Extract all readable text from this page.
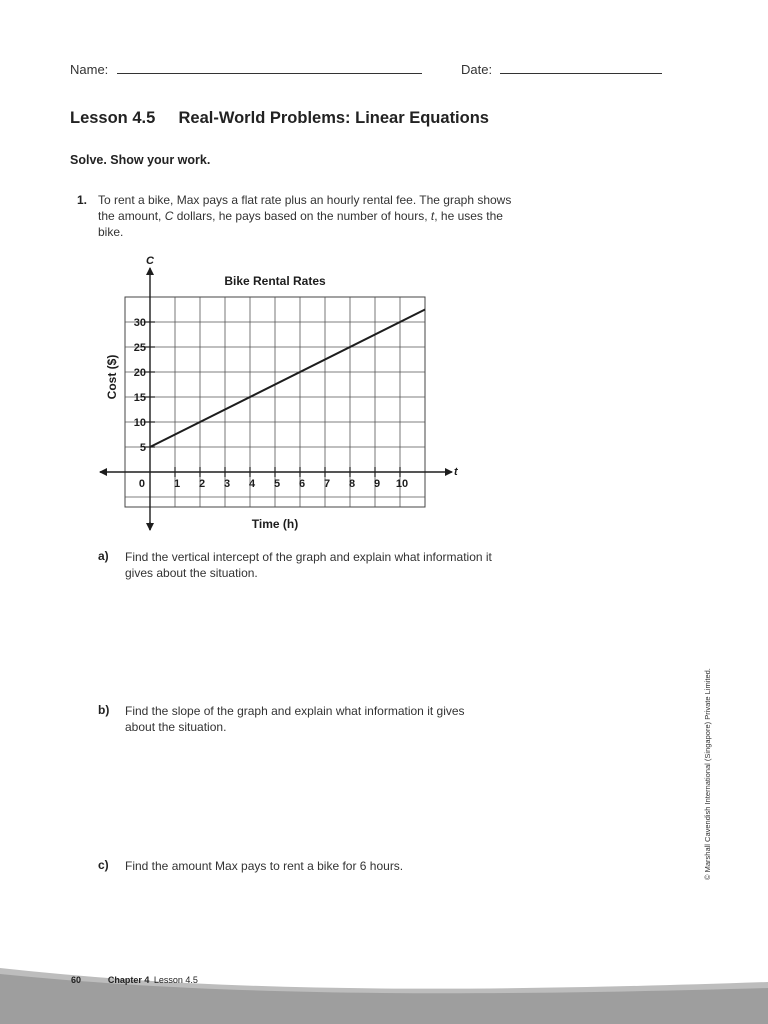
Name:	Date:
Lesson 4.5 Real-World Problems: Linear Equations
Solve. Show your work.
1. To rent a bike, Max pays a flat rate plus an hourly rental fee. The graph shows
the amount, C dollars, he pays based on the number of hours, t, he uses the
bike.
1 2 3 4 5 6 7 8 9 10
5
10
15
20
25
30
0
Bike Rental Rates
Time (h)
Cost ($)
t
C
a) Find the vertical intercept of the graph and explain what information it
gives about the situation.
b) Find the slope of the graph and explain what information it gives
about the situation.
c) Find the amount Max pays to rent a bike for 6 hours.	© Marshall Cavendish International (Singapore) Private Limited.
60	Chapter 4 Lesson 4.5
